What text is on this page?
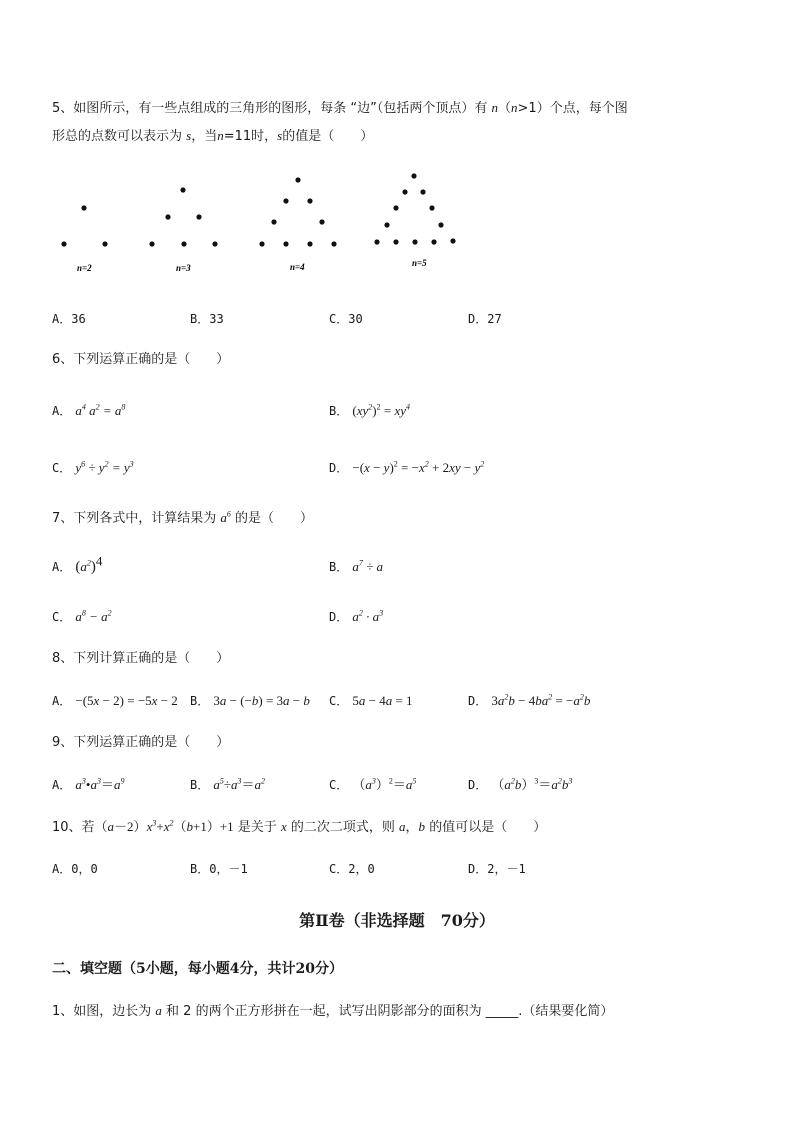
5、如图所示，有一些点组成的三角形的图形，每条 “边”（包括两个顶点）有 n（n>1）个点，每个图
形总的点数可以表示为 s，当n=11时，s的值是（　　）
n=2	n=3	n=4	n=5
A．36	B．33	C．30	D．27
6、下列运算正确的是（　　）
A． $a^4$ $a^2 = a^8$	B． $(xy^2)^2 = xy^4$
C． $y^6 \div y^2 = y^3$	D． $-(x - y)^2 = -x^2 + 2xy - y^2$
7、下列各式中，计算结果为 $a^6$ 的是（　　）
A． $(a^2)^4$	B． $a^7 \div a$
C． $a^8 - a^2$	D． $a^2 \cdot a^3$
8、下列计算正确的是（　　）
A． −(5x − 2) = −5x − 2 B． 3a − (−b) = 3a − b C． 5a − 4a = 1	D． $3a^2b - 4ba^2 = -a^2b$
9、下列运算正确的是（　　）
A． $a^3•a^3=a^9$	B． $a^5\div a^3=a^2$	C． $(a^3)^2=a^5$	D． $(a^2b)^3=a^2b^3$
10、若$(a-2)x^3+x^2(b+1)+1$ 是关于 x 的二次二项式，则 a，b 的值可以是（　　）
A．0，0	B．0，－1	C．2，0	D．2，－1
第Ⅱ卷（非选择题　70分）
二、填空题（5小题，每小题4分，共计20分）
1、如图，边长为 a 和 2 的两个正方形拼在一起，试写出阴影部分的面积为 _____.（结果要化简）
